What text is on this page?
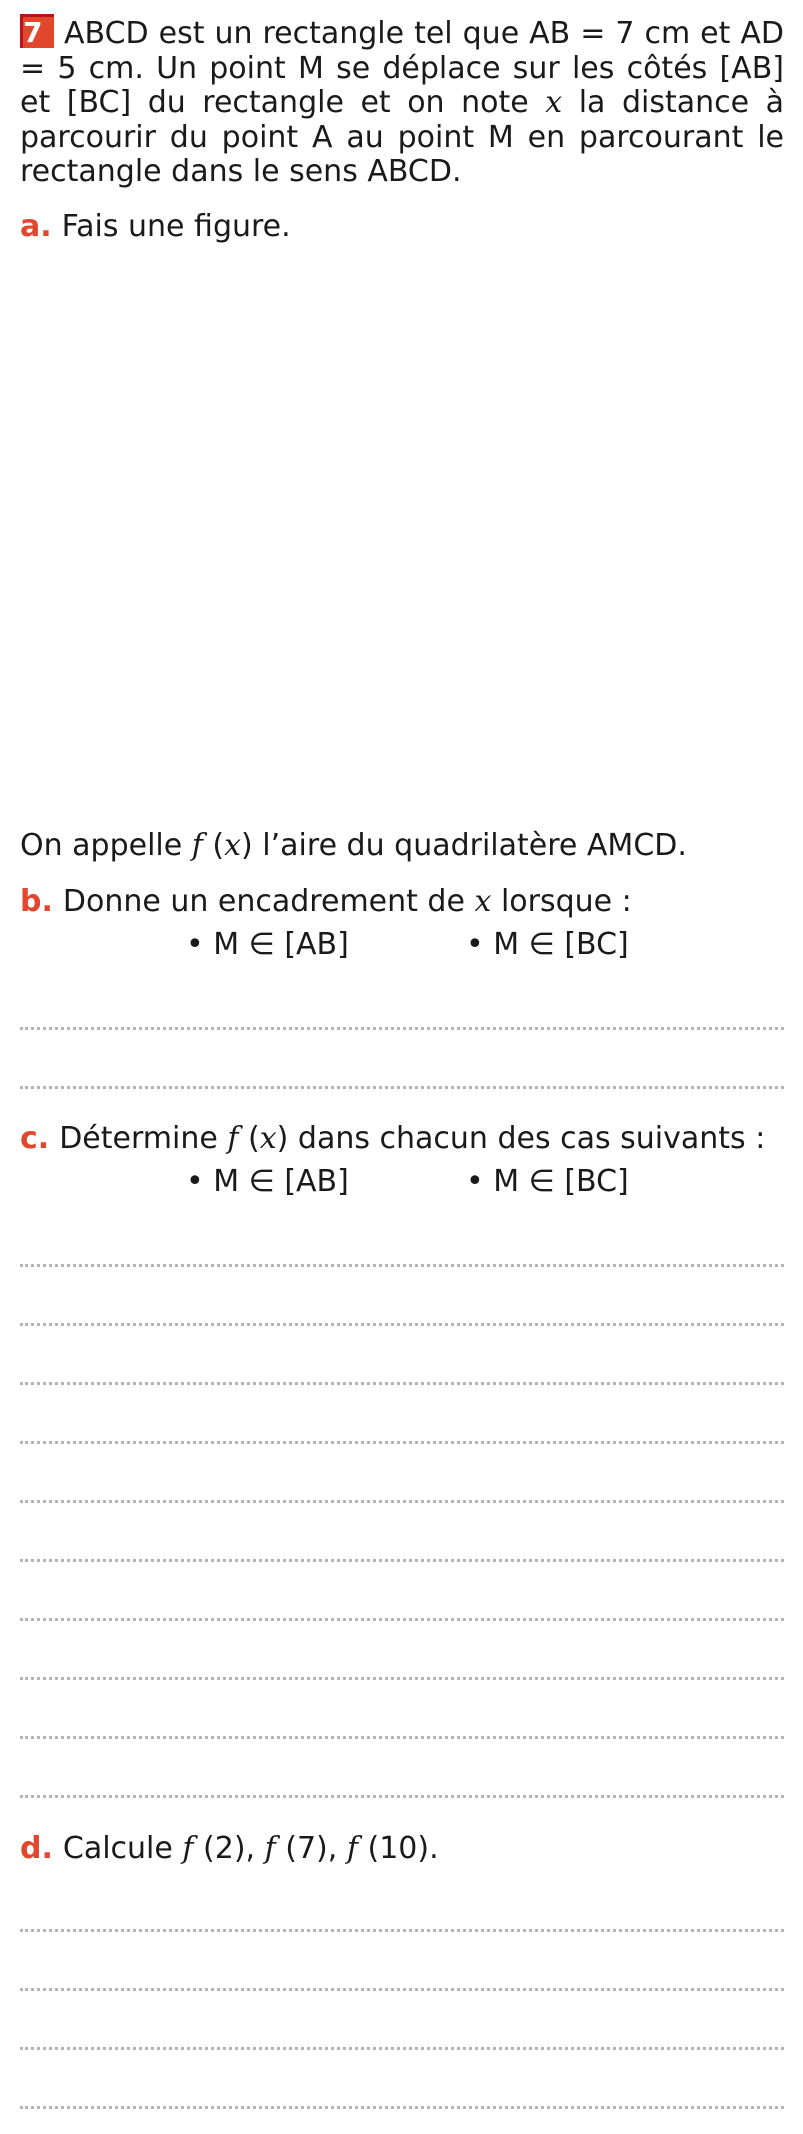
7 ABCD est un rectangle tel que AB = 7 cm et AD = 5 cm. Un point M se déplace sur les côtés [AB] et [BC] du rectangle et on note x la distance à parcourir du point A au point M en parcourant le rectangle dans le sens ABCD.

a. Fais une figure.

On appelle f (x) l’aire du quadrilatère AMCD.

b. Donne un encadrement de x lorsque :

• M ∈ [AB]	• M ∈ [BC]

c. Détermine f (x) dans chacun des cas suivants :

• M ∈ [AB]	• M ∈ [BC]

d. Calcule f (2), f (7), f (10).
